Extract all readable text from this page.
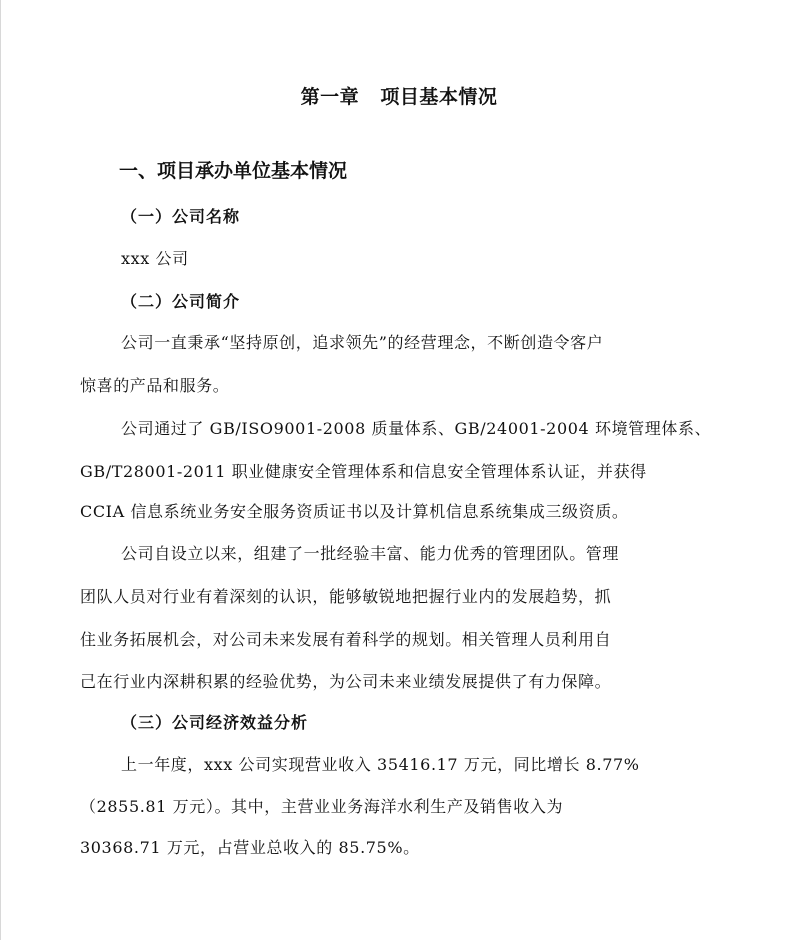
第一章   项目基本情况
一、项目承办单位基本情况
（一）公司名称
xxx 公司
（二）公司简介
公司一直秉承“坚持原创，追求领先”的经营理念，不断创造令客户
惊喜的产品和服务。
公司通过了 GB/ISO9001-2008 质量体系、GB/24001-2004 环境管理体系、
GB/T28001-2011 职业健康安全管理体系和信息安全管理体系认证，并获得
CCIA 信息系统业务安全服务资质证书以及计算机信息系统集成三级资质。
公司自设立以来，组建了一批经验丰富、能力优秀的管理团队。管理
团队人员对行业有着深刻的认识，能够敏锐地把握行业内的发展趋势，抓
住业务拓展机会，对公司未来发展有着科学的规划。相关管理人员利用自
己在行业内深耕积累的经验优势，为公司未来业绩发展提供了有力保障。
（三）公司经济效益分析
上一年度，xxx 公司实现营业收入 35416.17 万元，同比增长 8.77%
（2855.81 万元）。其中，主营业业务海洋水利生产及销售收入为
30368.71 万元，占营业总收入的 85.75%。
